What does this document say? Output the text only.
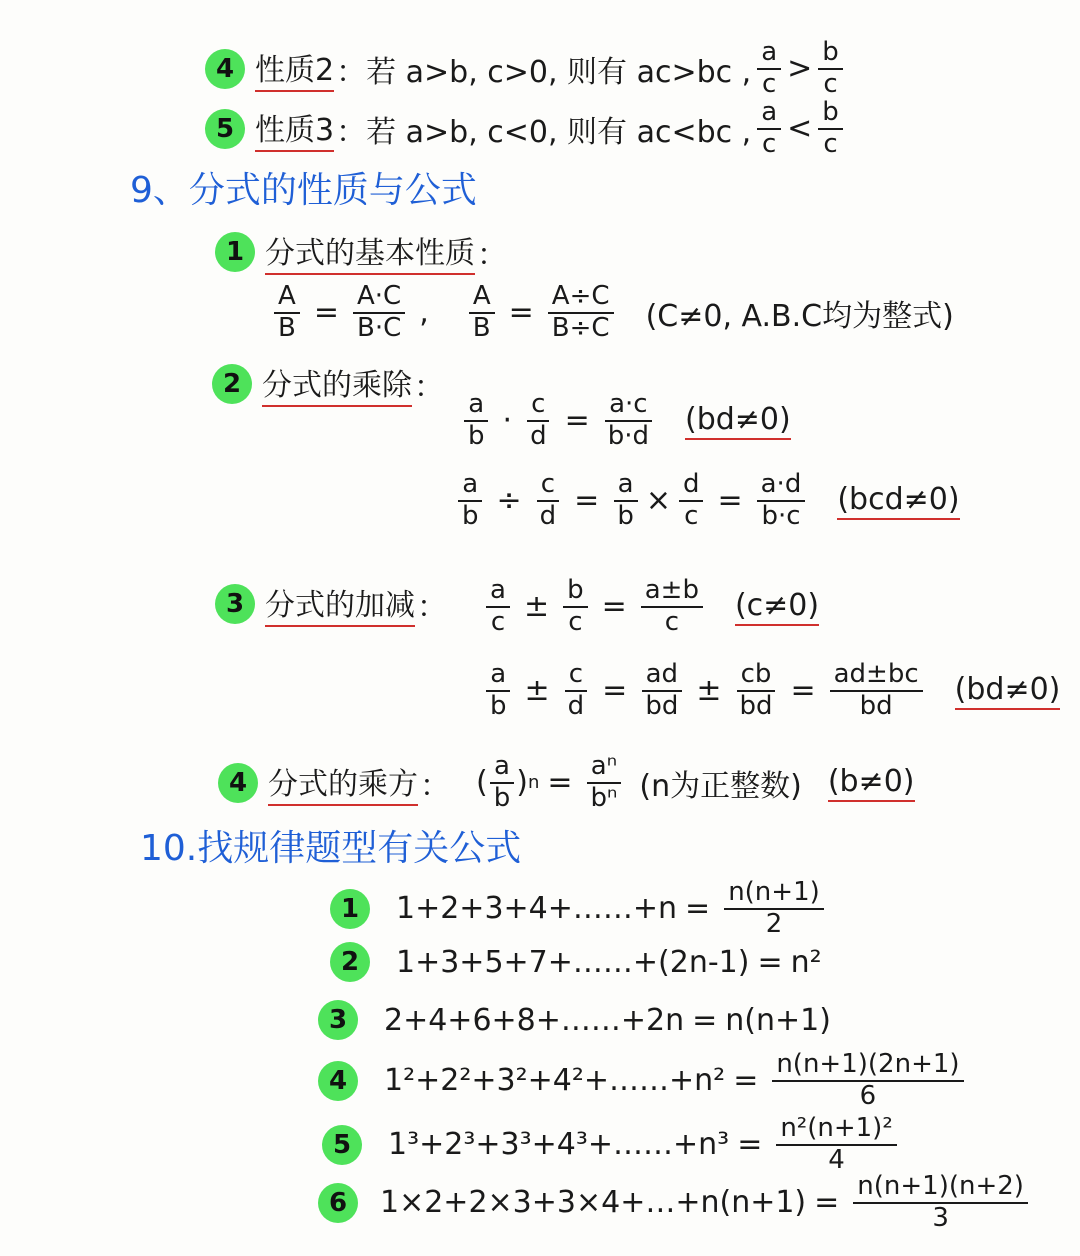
4 性质2 ： 若 a>b, c>0, 则有 ac>bc , $\frac{a}{c} > \frac{b}{c}$
5 性质3 ： 若 a>b, c<0, 则有 ac<bc , $\frac{a}{c} < \frac{b}{c}$
9、分式的性质与公式
1 分式的基本性质 ：
$\frac{A}{B} = \frac{A\cdot C}{B\cdot C}$ , $\frac{A}{B} = \frac{A\div C}{B\div C} (C\ne 0$, A.B.C均为整式)
2 分式的乘除 ：
$\frac{a}{b} \cdot \frac{c}{d} = \frac{a\cdot c}{b\cdot d} (bd\ne 0)$
$\frac{a}{b} \div \frac{c}{d} = \frac{a}{b} \times \frac{d}{c} = \frac{a\cdot d}{b\cdot c} (bcd\ne 0)$
3 分式的加减 ： $\frac{a}{c} \pm \frac{b}{c} = \frac{a\pm b}{c} (c\ne 0)$
$\frac{a}{b} \pm \frac{c}{d} = \frac{ad}{bd} \pm \frac{cb}{bd} = \frac{ad\pm bc}{bd} (bd\ne 0)$
4 分式的乘方 ： ( $\frac{a}{b}$ ) $n = \frac{\text{aⁿ}}{\text{bⁿ}} (n$为正整数) (b≠0)
10.找规律题型有关公式
1	1+2+3+4+……+n = $\frac{n(n+1)}{2}$
2	1+3+5+7+……+(2n-1) = n²
3	2+4+6+8+……+2n = n(n+1)
4	1²+2²+3²+4²+……+n² = $\frac{n(n+1)(2n+1)}{6}$
5	1³+2³+3³+4³+……+n³ = $\frac{\text{n²(n+1)²}}{4}$
6	1×2+2×3+3×4+…+n(n+1) = $\frac{n(n+1)(n+2)}{3}$
